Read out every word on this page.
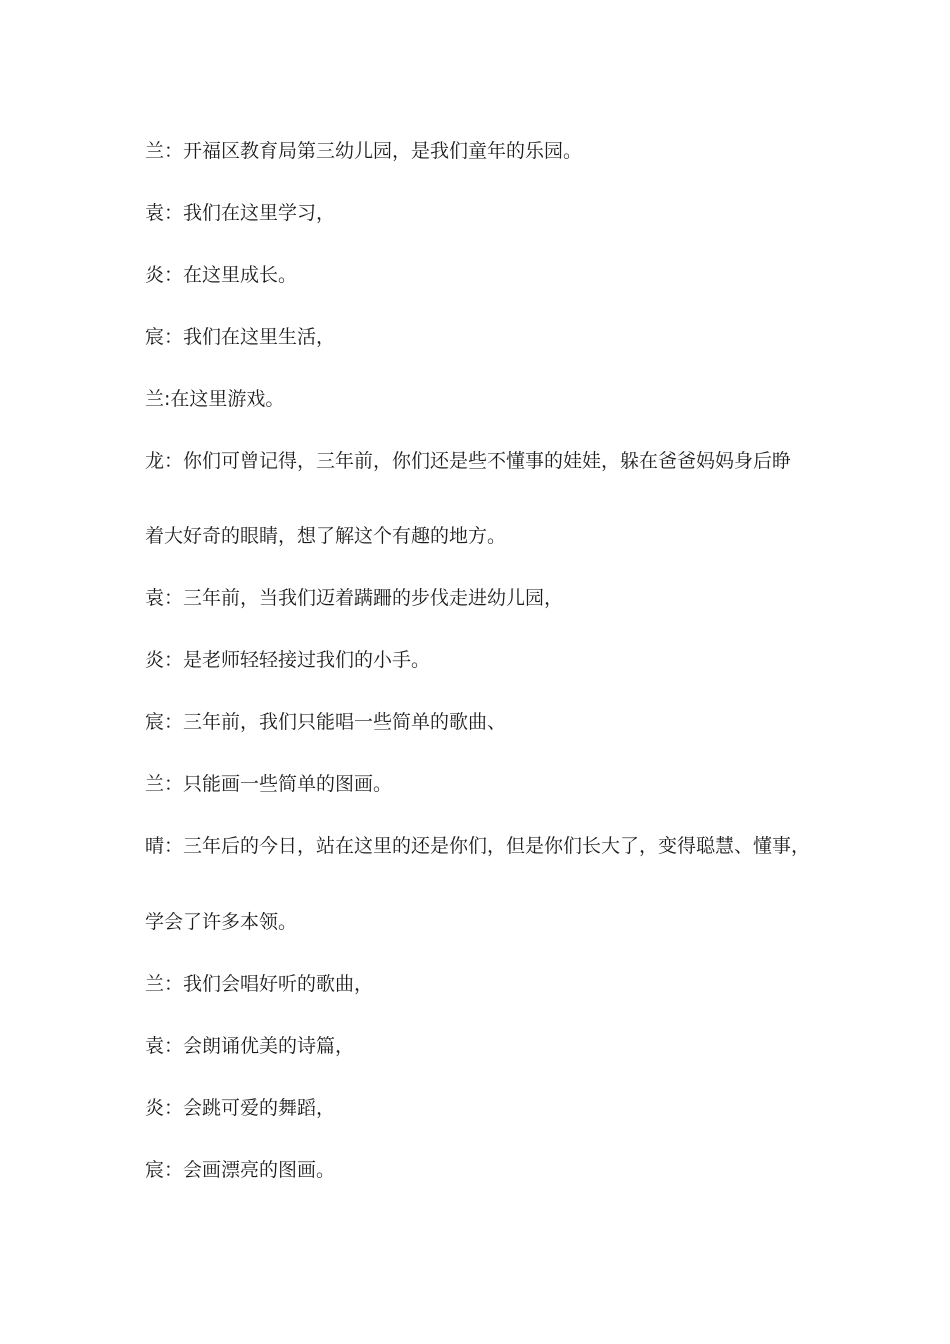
兰：开福区教育局第三幼儿园，是我们童年的乐园。
袁：我们在这里学习，
炎：在这里成长。
宸：我们在这里生活，
兰:在这里游戏。
龙：你们可曾记得，三年前，你们还是些不懂事的娃娃，躲在爸爸妈妈身后睁
着大好奇的眼睛，想了解这个有趣的地方。
袁：三年前，当我们迈着蹒跚的步伐走进幼儿园，
炎：是老师轻轻接过我们的小手。
宸：三年前，我们只能唱一些简单的歌曲、
兰：只能画一些简单的图画。
晴：三年后的今日，站在这里的还是你们，但是你们长大了，变得聪慧、懂事，
学会了许多本领。
兰：我们会唱好听的歌曲，
袁：会朗诵优美的诗篇，
炎：会跳可爱的舞蹈，
宸：会画漂亮的图画。
